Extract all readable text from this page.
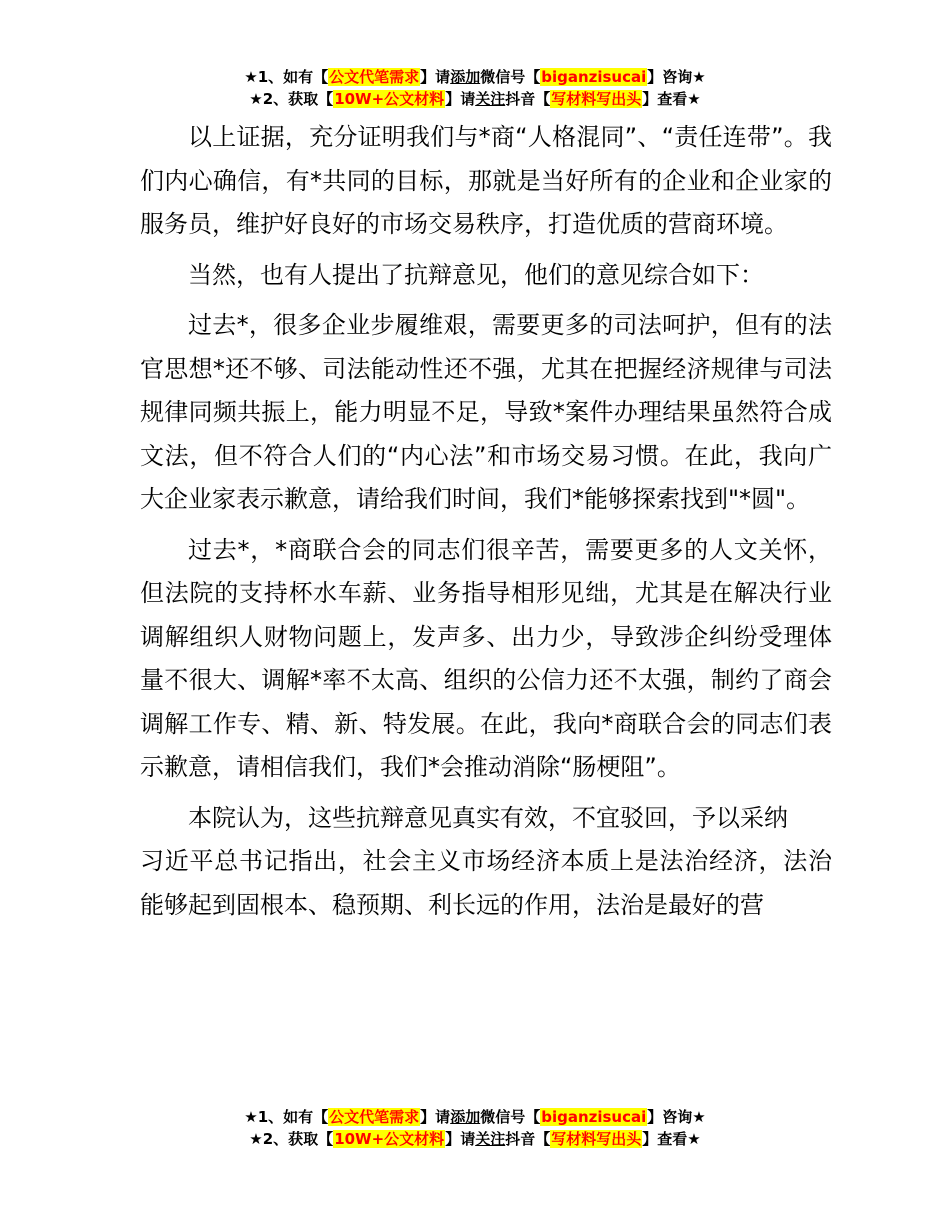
★1、如有【公文代笔需求】请添加微信号【biganzisucai】咨询★
★2、获取【10W+公文材料】请关注抖音【写材料写出头】查看★

以上证据，充分证明我们与*商“人格混同”、“责任连带”。我们内心确信，有*共同的目标，那就是当好所有的企业和企业家的服务员，维护好良好的市场交易秩序，打造优质的营商环境。

当然，也有人提出了抗辩意见，他们的意见综合如下：

过去*，很多企业步履维艰，需要更多的司法呵护，但有的法官思想*还不够、司法能动性还不强，尤其在把握经济规律与司法规律同频共振上，能力明显不足，导致*案件办理结果虽然符合成文法，但不符合人们的“内心法”和市场交易习惯。在此，我向广大企业家表示歉意，请给我们时间，我们*能够探索找到"*圆"。

过去*，*商联合会的同志们很辛苦，需要更多的人文关怀，但法院的支持杯水车薪、业务指导相形见绌，尤其是在解决行业调解组织人财物问题上，发声多、出力少，导致涉企纠纷受理体量不很大、调解*率不太高、组织的公信力还不太强，制约了商会调解工作专、精、新、特发展。在此，我向*商联合会的同志们表示歉意，请相信我们，我们*会推动消除“肠梗阻”。

本院认为，这些抗辩意见真实有效，不宜驳回，予以采纳

习近平总书记指出，社会主义市场经济本质上是法治经济，法治能够起到固根本、稳预期、利长远的作用，法治是最好的营

★1、如有【公文代笔需求】请添加微信号【biganzisucai】咨询★
★2、获取【10W+公文材料】请关注抖音【写材料写出头】查看★
